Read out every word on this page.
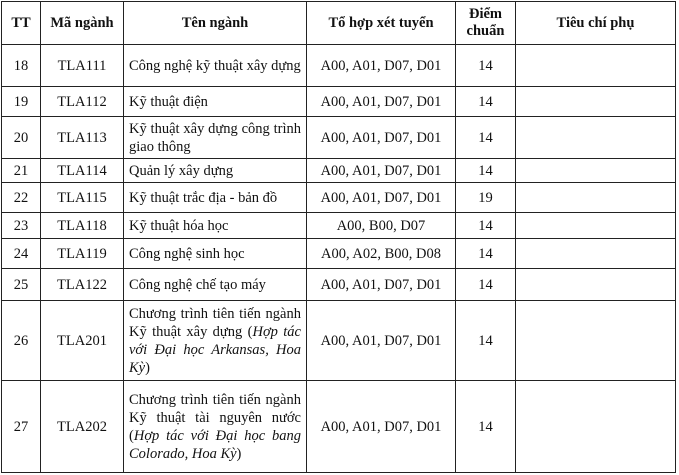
TT	Mã ngành	Tên ngành	Tổ hợp xét tuyển	Điểm chuẩn	Tiêu chí phụ
18	TLA111	Công nghệ kỹ thuật xây dựng	A00, A01, D07, D01	14	
19	TLA112	Kỹ thuật điện	A00, A01, D07, D01	14	
20	TLA113	Kỹ thuật xây dựng công trình giao thông	A00, A01, D07, D01	14	
21	TLA114	Quản lý xây dựng	A00, A01, D07, D01	14	
22	TLA115	Kỹ thuật trắc địa - bản đồ	A00, A01, D07, D01	19	
23	TLA118	Kỹ thuật hóa học	A00, B00, D07	14	
24	TLA119	Công nghệ sinh học	A00, A02, B00, D08	14	
25	TLA122	Công nghệ chế tạo máy	A00, A01, D07, D01	14	
26	TLA201	Chương trình tiên tiến ngành Kỹ thuật xây dựng (Hợp tác với Đại học Arkansas, Hoa Kỳ)	A00, A01, D07, D01	14	
27	TLA202	Chương trình tiên tiến ngành Kỹ thuật tài nguyên nước (Hợp tác với Đại học bang Colorado, Hoa Kỳ)	A00, A01, D07, D01	14	
